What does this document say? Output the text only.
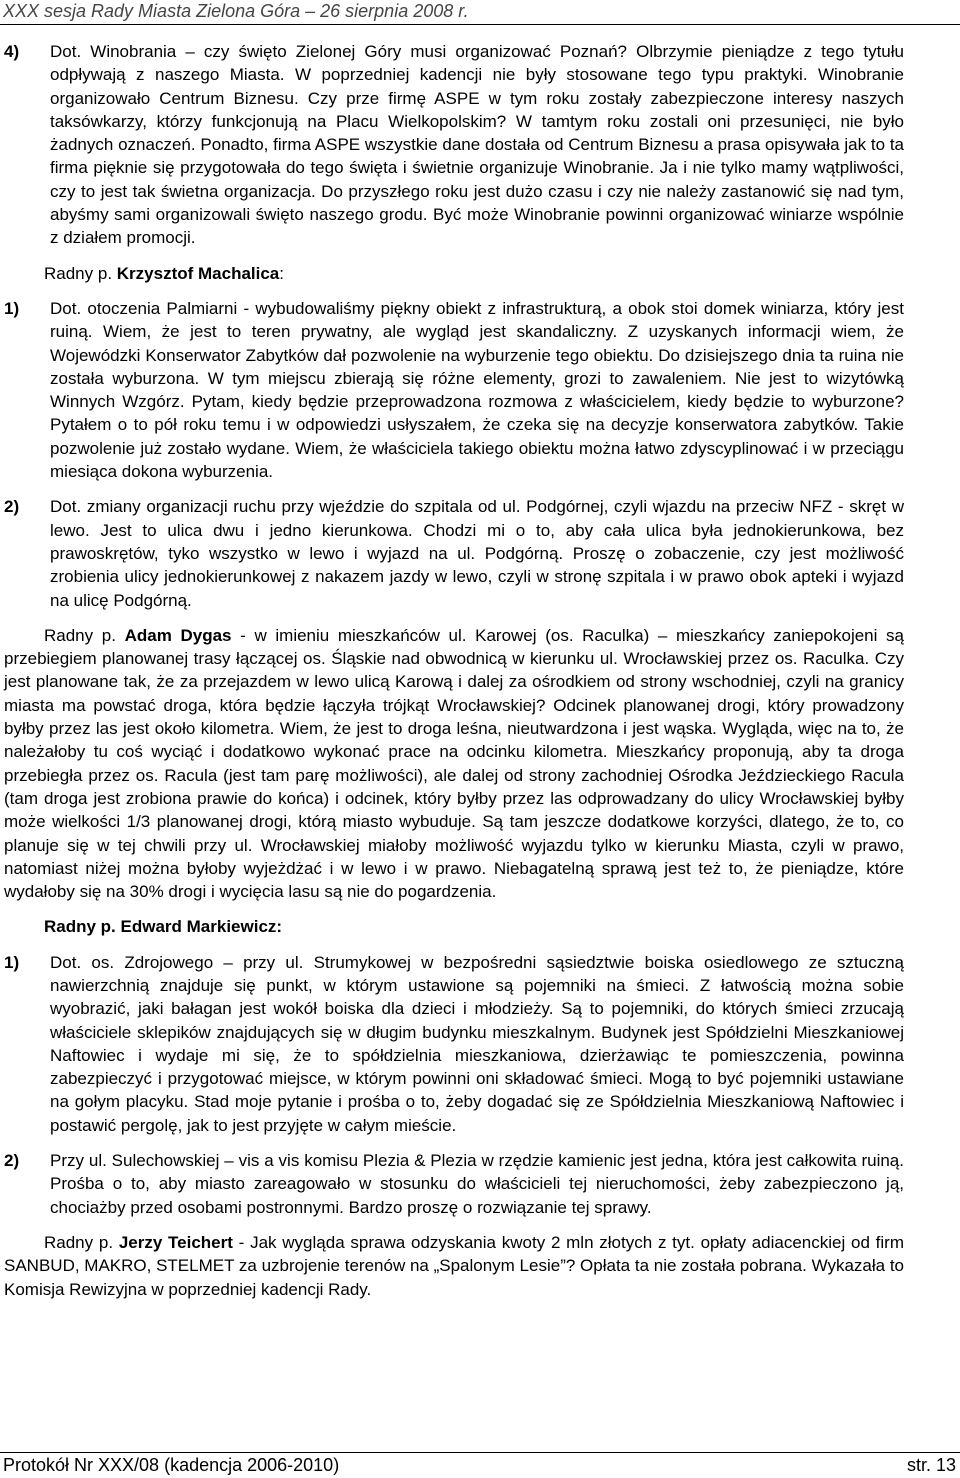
XXX sesja Rady Miasta Zielona Góra – 26 sierpnia 2008 r.
4)	Dot. Winobrania – czy święto Zielonej Góry musi organizować Poznań? Olbrzymie pieniądze z tego tytułu odpływają z naszego Miasta. W poprzedniej kadencji nie były stosowane tego typu praktyki. Winobranie organizowało Centrum Biznesu. Czy prze firmę ASPE w tym roku zostały zabezpieczone interesy naszych taksówkarzy, którzy funkcjonują na Placu Wielkopolskim? W tamtym roku zostali oni przesunięci, nie było żadnych oznaczeń. Ponadto, firma ASPE wszystkie dane dostała od Centrum Biznesu a prasa opisywała jak to ta firma pięknie się przygotowała do tego święta i świetnie organizuje Winobranie. Ja i nie tylko mamy wątpliwości, czy to jest tak świetna organizacja. Do przyszłego roku jest dużo czasu i czy nie należy zastanowić się nad tym, abyśmy sami organizowali święto naszego grodu. Być może Winobranie powinni organizować winiarze wspólnie z działem promocji.

Radny p. Krzysztof Machalica:
1)	Dot. otoczenia Palmiarni - wybudowaliśmy piękny obiekt z infrastrukturą, a obok stoi domek winiarza, który jest ruiną. Wiem, że jest to teren prywatny, ale wygląd jest skandaliczny. Z uzyskanych informacji wiem, że Wojewódzki Konserwator Zabytków dał pozwolenie na wyburzenie tego obiektu. Do dzisiejszego dnia ta ruina nie została wyburzona. W tym miejscu zbierają się różne elementy, grozi to zawaleniem. Nie jest to wizytówką Winnych Wzgórz. Pytam, kiedy będzie przeprowadzona rozmowa z właścicielem, kiedy będzie to wyburzone? Pytałem o to pół roku temu i w odpowiedzi usłyszałem, że czeka się na decyzje konserwatora zabytków. Takie pozwolenie już zostało wydane. Wiem, że właściciela takiego obiektu można łatwo zdyscyplinować i w przeciągu miesiąca dokona wyburzenia.

2)	Dot. zmiany organizacji ruchu przy wjeździe do szpitala od ul. Podgórnej, czyli wjazdu na przeciw NFZ - skręt w lewo. Jest to ulica dwu i jedno kierunkowa. Chodzi mi o to, aby cała ulica była jednokierunkowa, bez prawoskrętów, tyko wszystko w lewo i wyjazd na ul. Podgórną. Proszę o zobaczenie, czy jest możliwość zrobienia ulicy jednokierunkowej z nakazem jazdy w lewo, czyli w stronę szpitala i w prawo obok apteki i wyjazd na ulicę Podgórną.

Radny p. Adam Dygas - w imieniu mieszkańców ul. Karowej (os. Raculka) – mieszkańcy zaniepokojeni są przebiegiem planowanej trasy łączącej os. Śląskie nad obwodnicą w kierunku ul. Wrocławskiej przez os. Raculka. Czy jest planowane tak, że za przejazdem w lewo ulicą Karową i dalej za ośrodkiem od strony wschodniej, czyli na granicy miasta ma powstać droga, która będzie łączyła trójkąt Wrocławskiej? Odcinek planowanej drogi, który prowadzony byłby przez las jest około kilometra. Wiem, że jest to droga leśna, nieutwardzona i jest wąska. Wygląda, więc na to, że należałoby tu coś wyciąć i dodatkowo wykonać prace na odcinku kilometra. Mieszkańcy proponują, aby ta droga przebiegła przez os. Racula (jest tam parę możliwości), ale dalej od strony zachodniej Ośrodka Jeździeckiego Racula (tam droga jest zrobiona prawie do końca) i odcinek, który byłby przez las odprowadzany do ulicy Wrocławskiej byłby może wielkości 1/3 planowanej drogi, którą miasto wybuduje. Są tam jeszcze dodatkowe korzyści, dlatego, że to, co planuje się w tej chwili przy ul. Wrocławskiej miałoby możliwość wyjazdu tylko w kierunku Miasta, czyli w prawo, natomiast niżej można byłoby wyjeżdżać i w lewo i w prawo. Niebagatelną sprawą jest też to, że pieniądze, które wydałoby się na 30% drogi i wycięcia lasu są nie do pogardzenia.

Radny p. Edward Markiewicz:
1)	Dot. os. Zdrojowego – przy ul. Strumykowej w bezpośredni sąsiedztwie boiska osiedlowego ze sztuczną nawierzchnią znajduje się punkt, w którym ustawione są pojemniki na śmieci. Z łatwością można sobie wyobrazić, jaki bałagan jest wokół boiska dla dzieci i młodzieży. Są to pojemniki, do których śmieci zrzucają właściciele sklepików znajdujących się w długim budynku mieszkalnym. Budynek jest Spółdzielni Mieszkaniowej Naftowiec i wydaje mi się, że to spółdzielnia mieszkaniowa, dzierżawiąc te pomieszczenia, powinna zabezpieczyć i przygotować miejsce, w którym powinni oni składować śmieci. Mogą to być pojemniki ustawiane na gołym placyku. Stad moje pytanie i prośba o to, żeby dogadać się ze Spółdzielnia Mieszkaniową Naftowiec i postawić pergolę, jak to jest przyjęte w całym mieście.

2)	Przy ul. Sulechowskiej – vis a vis komisu Plezia & Plezia w rzędzie kamienic jest jedna, która jest całkowita ruiną. Prośba o to, aby miasto zareagowało w stosunku do właścicieli tej nieruchomości, żeby zabezpieczono ją, chociażby przed osobami postronnymi. Bardzo proszę o rozwiązanie tej sprawy.

Radny p. Jerzy Teichert - Jak wygląda sprawa odzyskania kwoty 2 mln złotych z tyt. opłaty adiacenckiej od firm SANBUD, MAKRO, STELMET za uzbrojenie terenów na „Spalonym Lesie”? Opłata ta nie została pobrana. Wykazała to Komisja Rewizyjna w poprzedniej kadencji Rady.

Protokół Nr XXX/08 (kadencja 2006-2010)	str. 13
